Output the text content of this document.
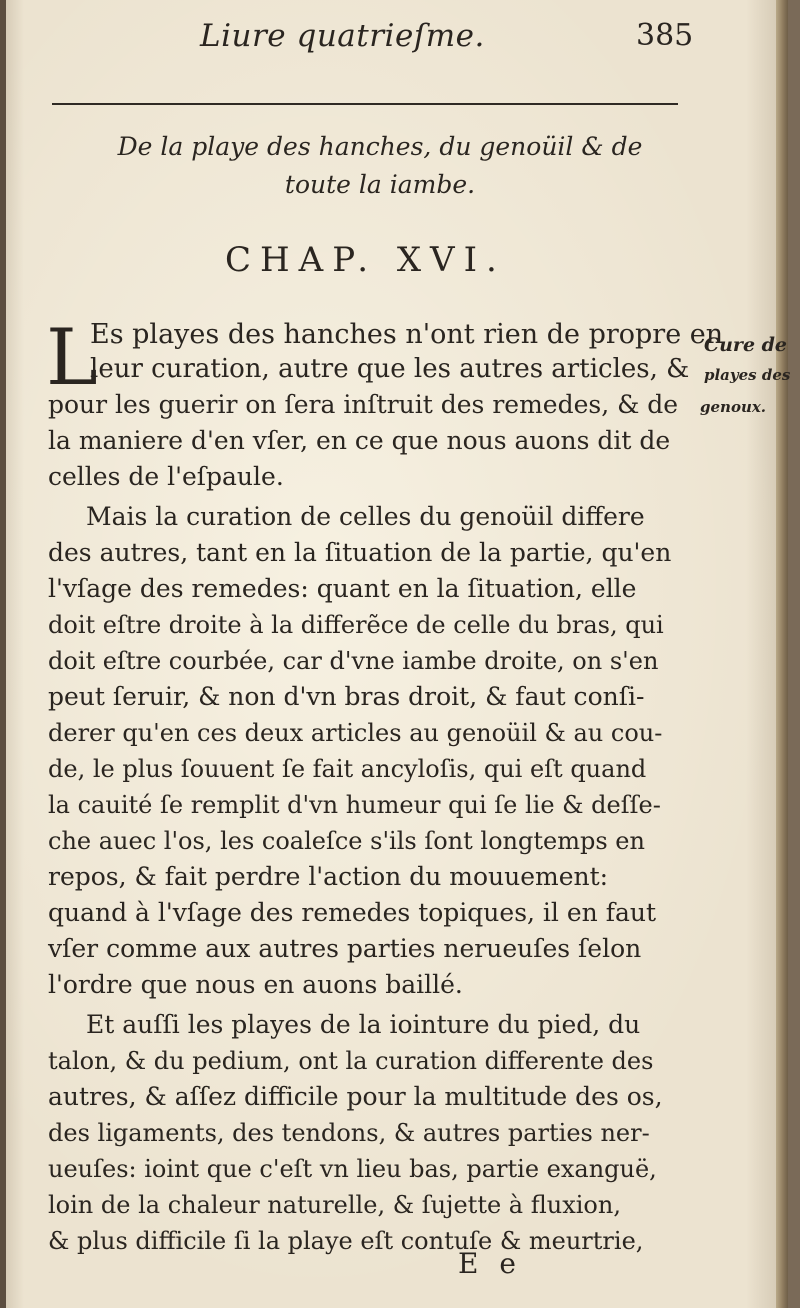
Liure quatrieſme.	385
De la playe des hanches, du genoüil & de
toute la iambe.
CHAP. XVI.
Cure de
playes des
genoux.
L
Es playes des hanches n'ont rien de propre en
leur curation, autre que les autres articles, &
pour les guerir on ſera inſtruit des remedes, & de
la maniere d'en vſer, en ce que nous auons dit de
celles de l'eſpaule.
Mais la curation de celles du genoüil differe
des autres, tant en la ſituation de la partie, qu'en
l'vſage des remedes: quant en la ſituation, elle
doit eſtre droite à la differẽce de celle du bras, qui
doit eſtre courbée, car d'vne iambe droite, on s'en
peut ſeruir, & non d'vn bras droit, & faut conſi-
derer qu'en ces deux articles au genoüil & au cou-
de, le plus ſouuent ſe fait ancyloſis, qui eſt quand
la cauité ſe remplit d'vn humeur qui ſe lie & deſſe-
che auec l'os, les coaleſce s'ils ſont longtemps en
repos, & fait perdre l'action du mouuement:
quand à l'vſage des remedes topiques, il en faut
vſer comme aux autres parties nerueuſes ſelon
l'ordre que nous en auons baillé.
Et auſſi les playes de la iointure du pied, du
talon, & du pedium, ont la curation differente des
autres, & aſſez difficile pour la multitude des os,
des ligaments, des tendons, & autres parties ner-
ueuſes: ioint que c'eſt vn lieu bas, partie exanguë,
loin de la chaleur naturelle, & ſujette à fluxion,
& plus difficile ſi la playe eſt contuſe & meurtrie,
E e
